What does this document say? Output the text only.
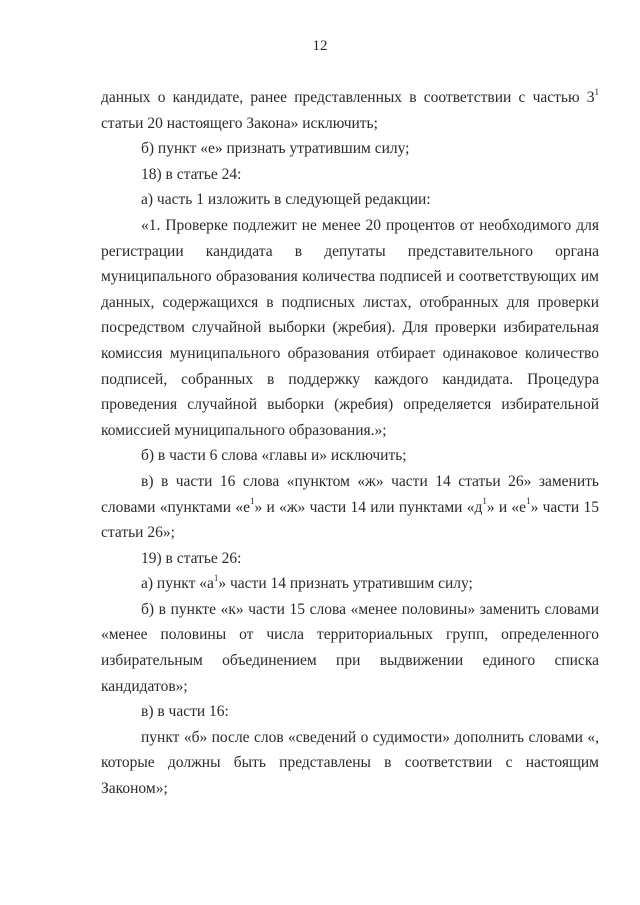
12

данных о кандидате, ранее представленных в соответствии с частью $3^1$ статьи 20 настоящего Закона» исключить;

б) пункт «е» признать утратившим силу;

18) в статье 24:

а) часть 1 изложить в следующей редакции:

«1. Проверке подлежит не менее 20 процентов от необходимого для регистрации кандидата в депутаты представительного органа муниципального образования количества подписей и соответствующих им данных, содержащихся в подписных листах, отобранных для проверки посредством случайной выборки (жребия). Для проверки избирательная комиссия муниципального образования отбирает одинаковое количество подписей, собранных в поддержку каждого кандидата. Процедура проведения случайной выборки (жребия) определяется избирательной комиссией муниципального образования.»;

б) в части 6 слова «главы и» исключить;

в) в части 16 слова «пунктом «ж» части 14 статьи 26» заменить словами «пунктами «$е^1$» и «ж» части 14 или пунктами «$д^1$» и «$е^1$» части 15 статьи 26»;

19) в статье 26:

а) пункт «$а^1$» части 14 признать утратившим силу;

б) в пункте «к» части 15 слова «менее половины» заменить словами «менее половины от числа территориальных групп, определенного избирательным объединением при выдвижении единого списка кандидатов»;

в) в части 16:

пункт «б» после слов «сведений о судимости» дополнить словами «, которые должны быть представлены в соответствии с настоящим Законом»;
